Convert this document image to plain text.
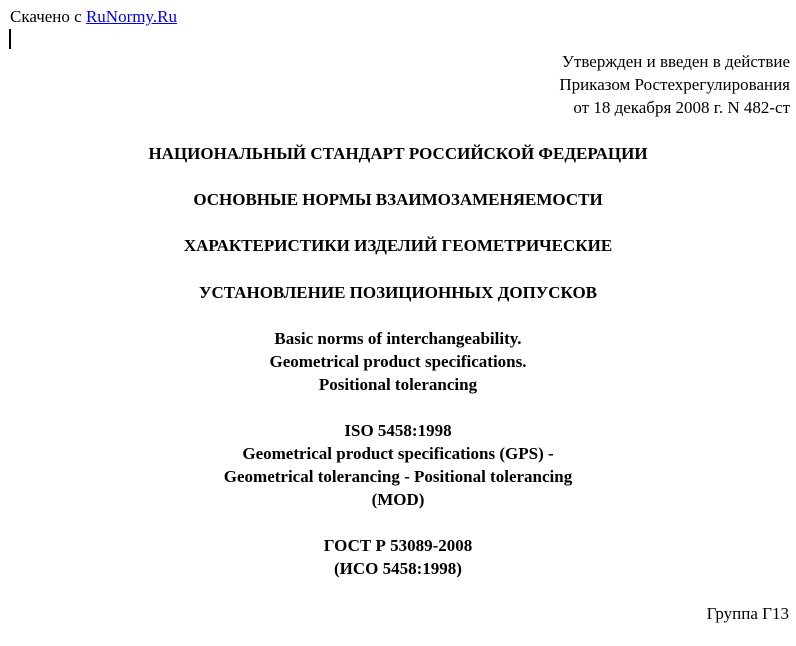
Скачено с RuNormy.Ru
Утвержден и введен в действие
Приказом Ростехрегулирования
от 18 декабря 2008 г. N 482-ст
НАЦИОНАЛЬНЫЙ СТАНДАРТ РОССИЙСКОЙ ФЕДЕРАЦИИ
ОСНОВНЫЕ НОРМЫ ВЗАИМОЗАМЕНЯЕМОСТИ
ХАРАКТЕРИСТИКИ ИЗДЕЛИЙ ГЕОМЕТРИЧЕСКИЕ
УСТАНОВЛЕНИЕ ПОЗИЦИОННЫХ ДОПУСКОВ
Basic norms of interchangeability.
Geometrical product specifications.
Positional tolerancing
ISO 5458:1998
Geometrical product specifications (GPS) -
Geometrical tolerancing - Positional tolerancing
(MOD)
ГОСТ Р 53089-2008
(ИСО 5458:1998)
Группа Г13
